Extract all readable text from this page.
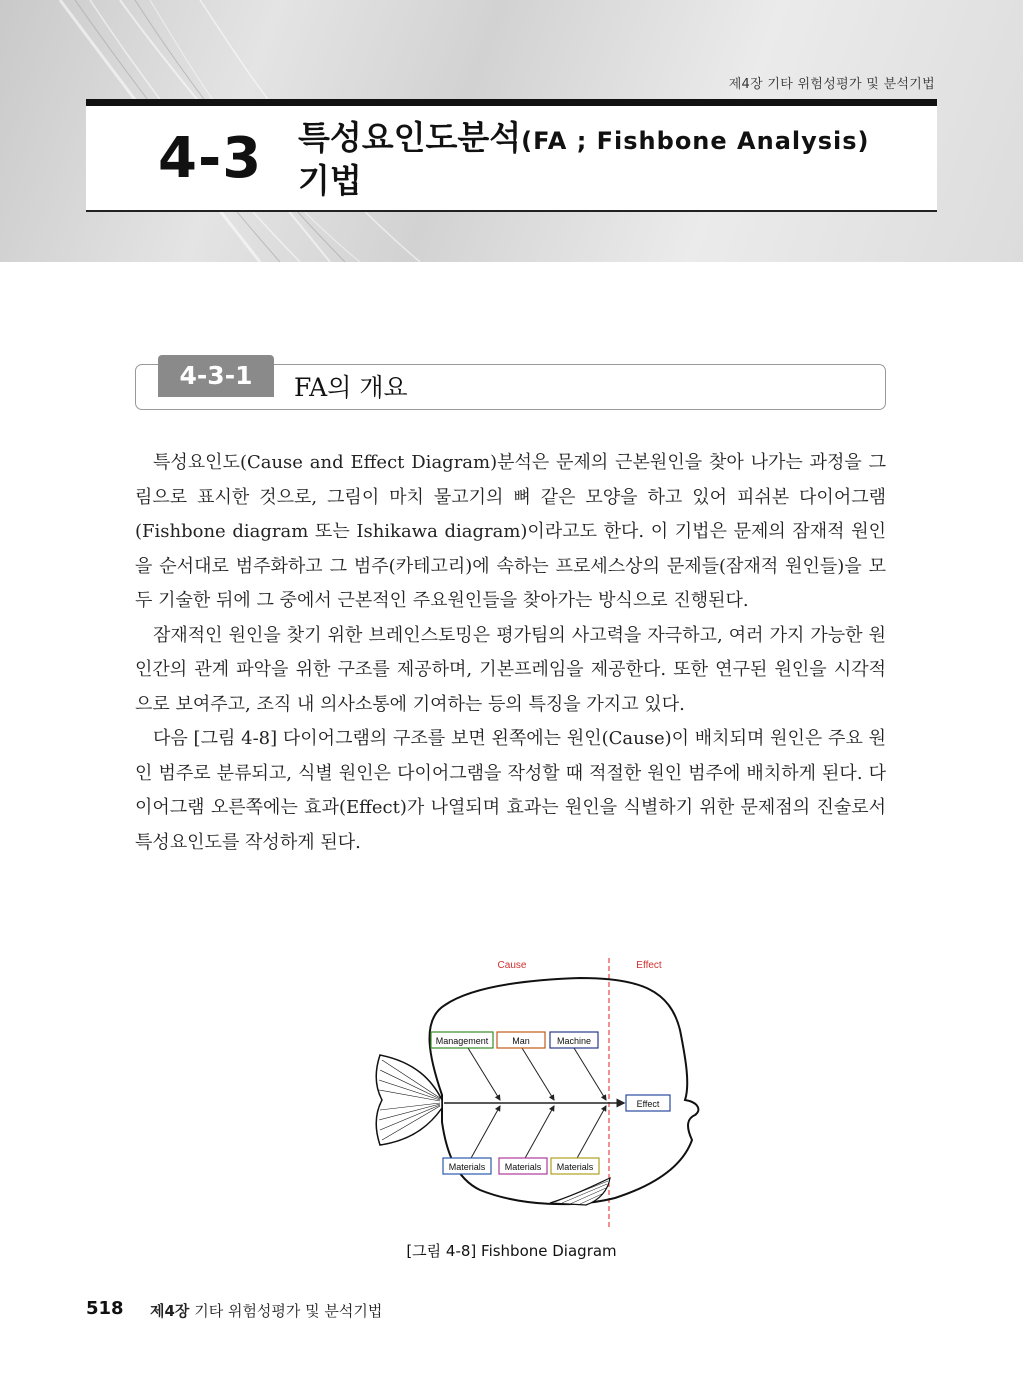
제4장 기타 위험성평가 및 분석기법
4-3 특성요인도분석(FA ; Fishbone Analysis)
기법
4-3-1	FA의 개요

특성요인도(Cause and Effect Diagram)분석은 문제의 근본원인을 찾아 나가는 과정을 그림으로 표시한 것으로, 그림이 마치 물고기의 뼈 같은 모양을 하고 있어 피쉬본 다이어그램(Fishbone diagram 또는 Ishikawa diagram)이라고도 한다. 이 기법은 문제의 잠재적 원인을 순서대로 범주화하고 그 범주(카테고리)에 속하는 프로세스상의 문제들(잠재적 원인들)을 모두 기술한 뒤에 그 중에서 근본적인 주요원인들을 찾아가는 방식으로 진행된다.

잠재적인 원인을 찾기 위한 브레인스토밍은 평가팀의 사고력을 자극하고, 여러 가지 가능한 원인간의 관계 파악을 위한 구조를 제공하며, 기본프레임을 제공한다. 또한 연구된 원인을 시각적으로 보여주고, 조직 내 의사소통에 기여하는 등의 특징을 가지고 있다.

다음 [그림 4-8] 다이어그램의 구조를 보면 왼쪽에는 원인(Cause)이 배치되며 원인은 주요 원인 범주로 분류되고, 식별 원인은 다이어그램을 작성할 때 적절한 원인 범주에 배치하게 된다. 다이어그램 오른쪽에는 효과(Effect)가 나열되며 효과는 원인을 식별하기 위한 문제점의 진술로서 특성요인도를 작성하게 된다.

Cause	Effect
Management	Man	Machine
Materials Materials Materials
Effect
[그림 4-8] Fishbone Diagram
518 제4장 기타 위험성평가 및 분석기법
